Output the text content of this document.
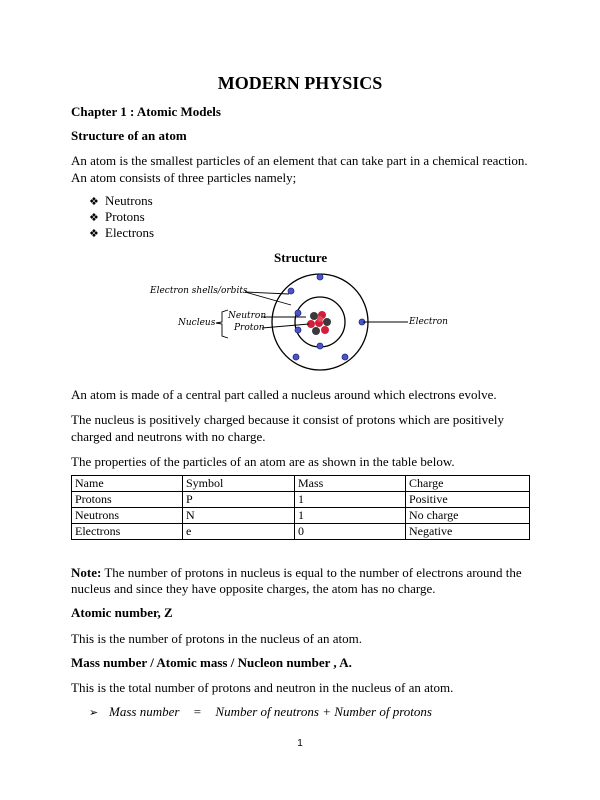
MODERN PHYSICS
Chapter 1 : Atomic Models
Structure of an atom
An atom is the smallest particles of an element that can take part in a chemical reaction.
An atom consists of three particles namely;
❖ Neutrons
❖ Protons
❖ Electrons
Structure
Electron shells/orbits
Nucleus
Neutron
Proton
Electron
An atom is made of a central part called a nucleus around which electrons evolve.
The nucleus is positively charged because it consist of protons which are positively
charged and neutrons with no charge.
The properties of the particles of an atom are as shown in the table below.
Name	Symbol	Mass	Charge
Protons	P	1	Positive
Neutrons	N	1	No charge
Electrons	e	0	Negative
Note: The number of protons in nucleus is equal to the number of electrons around the
nucleus and since they have opposite charges, the atom has no charge.
Atomic number, Z
This is the number of protons in the nucleus of an atom.
Mass number / Atomic mass / Nucleon number , A.
This is the total number of protons and neutron in the nucleus of an atom.
➢ Mass number = Number of neutrons + Number of protons
1
